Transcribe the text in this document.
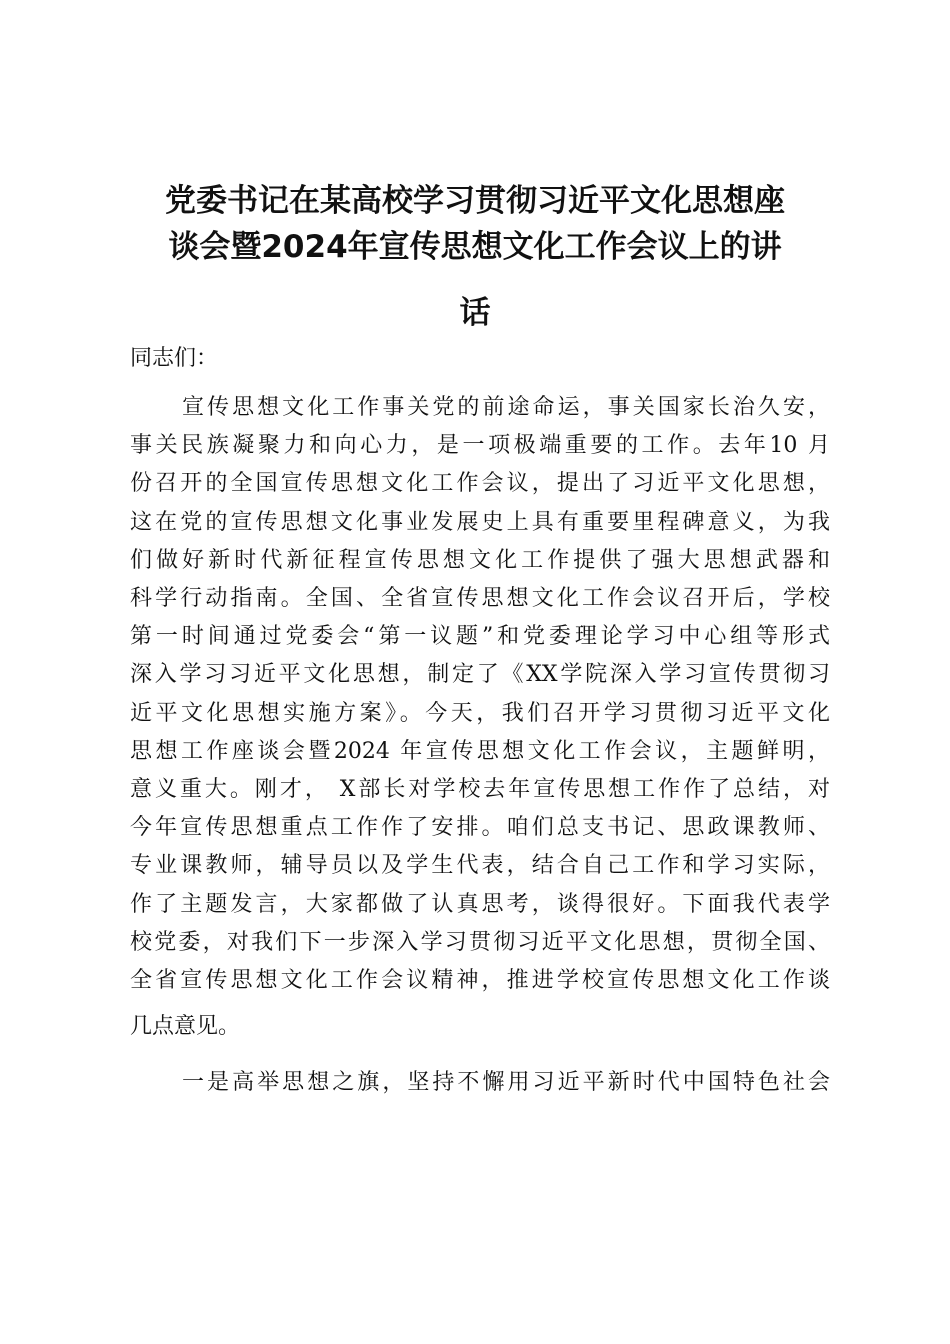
党委书记在某高校学习贯彻习近平文化思想座
谈会暨2024年宣传思想文化工作会议上的讲
话

同志们：

宣传思想文化工作事关党的前途命运，事关国家长治久安，

事关民族凝聚力和向心力，是一项极端重要的工作。去年10 月

份召开的全国宣传思想文化工作会议，提出了习近平文化思想，

这在党的宣传思想文化事业发展史上具有重要里程碑意义，为我

们做好新时代新征程宣传思想文化工作提供了强大思想武器和

科学行动指南。全国、全省宣传思想文化工作会议召开后，学校

第一时间通过党委会“第一议题”和党委理论学习中心组等形式

深入学习习近平文化思想，制定了《XX学院深入学习宣传贯彻习

近平文化思想实施方案》。今天，我们召开学习贯彻习近平文化

思想工作座谈会暨2024 年宣传思想文化工作会议，主题鲜明，

意义重大。刚才， X部长对学校去年宣传思想工作作了总结，对

今年宣传思想重点工作作了安排。咱们总支书记、思政课教师、

专业课教师，辅导员以及学生代表，结合自己工作和学习实际，

作了主题发言，大家都做了认真思考，谈得很好。下面我代表学

校党委，对我们下一步深入学习贯彻习近平文化思想，贯彻全国、

全省宣传思想文化工作会议精神，推进学校宣传思想文化工作谈

几点意见。

一是高举思想之旗，坚持不懈用习近平新时代中国特色社会
